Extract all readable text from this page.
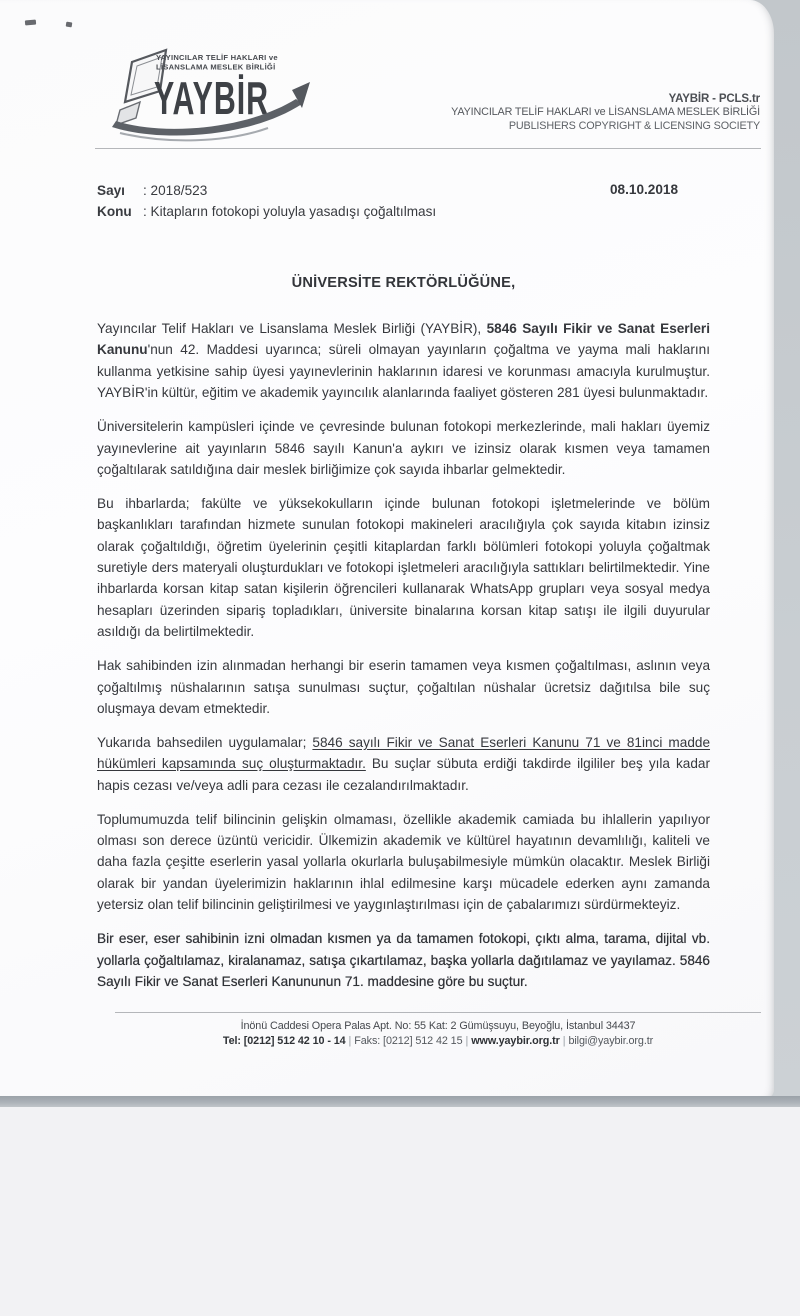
YAYINCILAR TELİF HAKLARI ve
LİSANSLAMA MESLEK BİRLİĞİ
YAYBİR	YAYBİR - PCLS.tr
YAYINCILAR TELİF HAKLARI ve LİSANSLAMA MESLEK BİRLİĞİ
PUBLISHERS COPYRIGHT & LICENSING SOCIETY
Sayı : 2018/523
Konu : Kitapların fotokopi yoluyla yasadışı çoğaltılması
08.10.2018
ÜNİVERSİTE REKTÖRLÜĞÜNE,

Yayıncılar Telif Hakları ve Lisanslama Meslek Birliği (YAYBİR), 5846 Sayılı Fikir ve Sanat Eserleri Kanunu'nun 42. Maddesi uyarınca; süreli olmayan yayınların çoğaltma ve yayma mali haklarını kullanma yetkisine sahip üyesi yayınevlerinin haklarının idaresi ve korunması amacıyla kurulmuştur. YAYBİR'in kültür, eğitim ve akademik yayıncılık alanlarında faaliyet gösteren 281 üyesi bulunmaktadır.

Üniversitelerin kampüsleri içinde ve çevresinde bulunan fotokopi merkezlerinde, mali hakları üyemiz yayınevlerine ait yayınların 5846 sayılı Kanun'a aykırı ve izinsiz olarak kısmen veya tamamen çoğaltılarak satıldığına dair meslek birliğimize çok sayıda ihbarlar gelmektedir.

Bu ihbarlarda; fakülte ve yüksekokulların içinde bulunan fotokopi işletmelerinde ve bölüm başkanlıkları tarafından hizmete sunulan fotokopi makineleri aracılığıyla çok sayıda kitabın izinsiz olarak çoğaltıldığı, öğretim üyelerinin çeşitli kitaplardan farklı bölümleri fotokopi yoluyla çoğaltmak suretiyle ders materyali oluşturdukları ve fotokopi işletmeleri aracılığıyla sattıkları belirtilmektedir. Yine ihbarlarda korsan kitap satan kişilerin öğrencileri kullanarak WhatsApp grupları veya sosyal medya hesapları üzerinden sipariş topladıkları, üniversite binalarına korsan kitap satışı ile ilgili duyurular asıldığı da belirtilmektedir.

Hak sahibinden izin alınmadan herhangi bir eserin tamamen veya kısmen çoğaltılması, aslının veya çoğaltılmış nüshalarının satışa sunulması suçtur, çoğaltılan nüshalar ücretsiz dağıtılsa bile suç oluşmaya devam etmektedir.

Yukarıda bahsedilen uygulamalar; 5846 sayılı Fikir ve Sanat Eserleri Kanunu 71 ve 81inci madde hükümleri kapsamında suç oluşturmaktadır. Bu suçlar sübuta erdiği takdirde ilgililer beş yıla kadar hapis cezası ve/veya adli para cezası ile cezalandırılmaktadır.

Toplumumuzda telif bilincinin gelişkin olmaması, özellikle akademik camiada bu ihlallerin yapılıyor olması son derece üzüntü vericidir. Ülkemizin akademik ve kültürel hayatının devamlılığı, kaliteli ve daha fazla çeşitte eserlerin yasal yollarla okurlarla buluşabilmesiyle mümkün olacaktır. Meslek Birliği olarak bir yandan üyelerimizin haklarının ihlal edilmesine karşı mücadele ederken aynı zamanda yetersiz olan telif bilincinin geliştirilmesi ve yaygınlaştırılması için de çabalarımızı sürdürmekteyiz.

Bir eser, eser sahibinin izni olmadan kısmen ya da tamamen fotokopi, çıktı alma, tarama, dijital vb. yollarla çoğaltılamaz, kiralanamaz, satışa çıkartılamaz, başka yollarla dağıtılamaz ve yayılamaz. 5846 Sayılı Fikir ve Sanat Eserleri Kanununun 71. maddesine göre bu suçtur.

İnönü Caddesi Opera Palas Apt. No: 55 Kat: 2 Gümüşsuyu, Beyoğlu, İstanbul 34437
Tel: [0212] 512 42 10 - 14 | Faks: [0212] 512 42 15 | www.yaybir.org.tr | bilgi@yaybir.org.tr
